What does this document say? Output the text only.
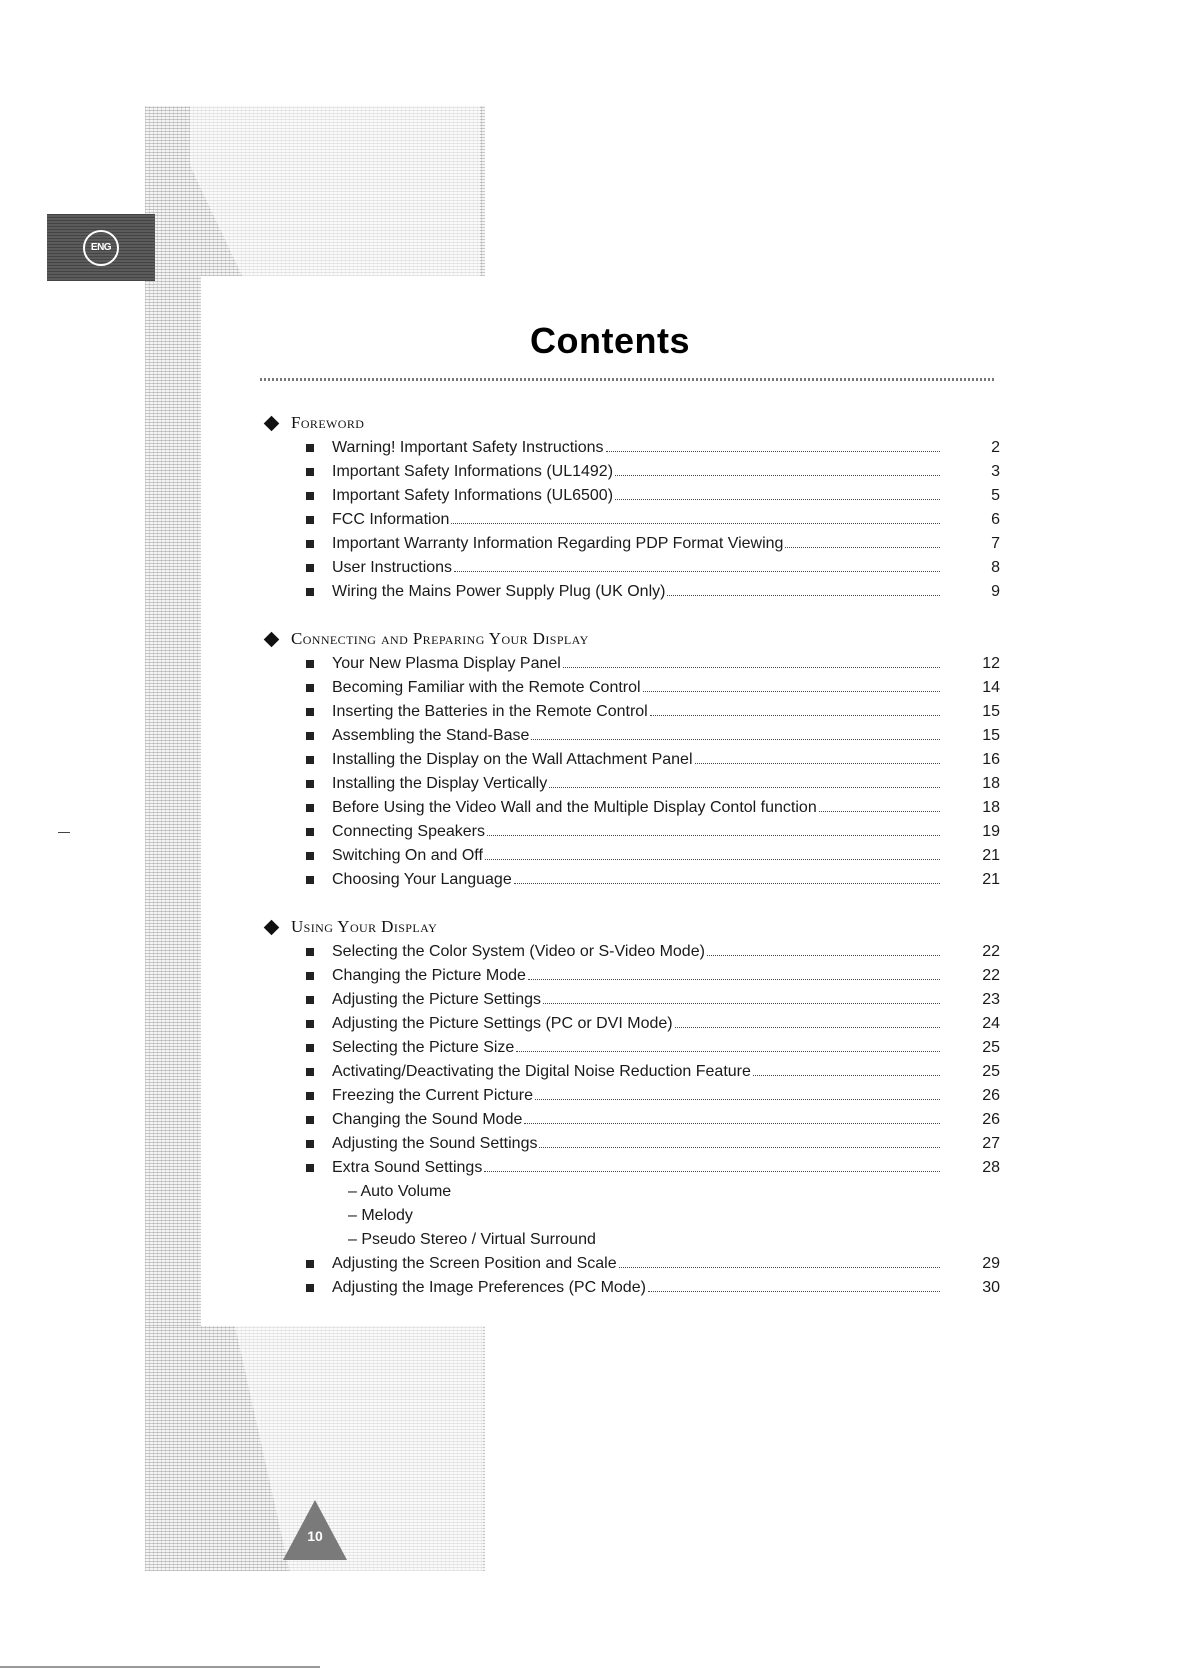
ENG
Contents
Foreword
Warning! Important Safety Instructions	2
Important Safety Informations (UL1492)	3
Important Safety Informations (UL6500)	5
FCC Information	6
Important Warranty Information Regarding PDP Format Viewing	7
User Instructions	8
Wiring the Mains Power Supply Plug (UK Only)	9
Connecting and Preparing Your Display
Your New Plasma Display Panel	12
Becoming Familiar with the Remote Control	14
Inserting the Batteries in the Remote Control	15
Assembling the Stand-Base	15
Installing the Display on the Wall Attachment Panel	16
Installing the Display Vertically	18
Before Using the Video Wall and the Multiple Display Contol function	18
Connecting Speakers	19
Switching On and Off	21
Choosing Your Language	21
Using Your Display
Selecting the Color System (Video or S-Video Mode)	22
Changing the Picture Mode	22
Adjusting the Picture Settings	23
Adjusting the Picture Settings (PC or DVI Mode)	24
Selecting the Picture Size	25
Activating/Deactivating the Digital Noise Reduction Feature	25
Freezing the Current Picture	26
Changing the Sound Mode	26
Adjusting the Sound Settings	27
Extra Sound Settings	28
– Auto Volume
– Melody
– Pseudo Stereo / Virtual Surround
Adjusting the Screen Position and Scale	29
Adjusting the Image Preferences (PC Mode)	30
10
